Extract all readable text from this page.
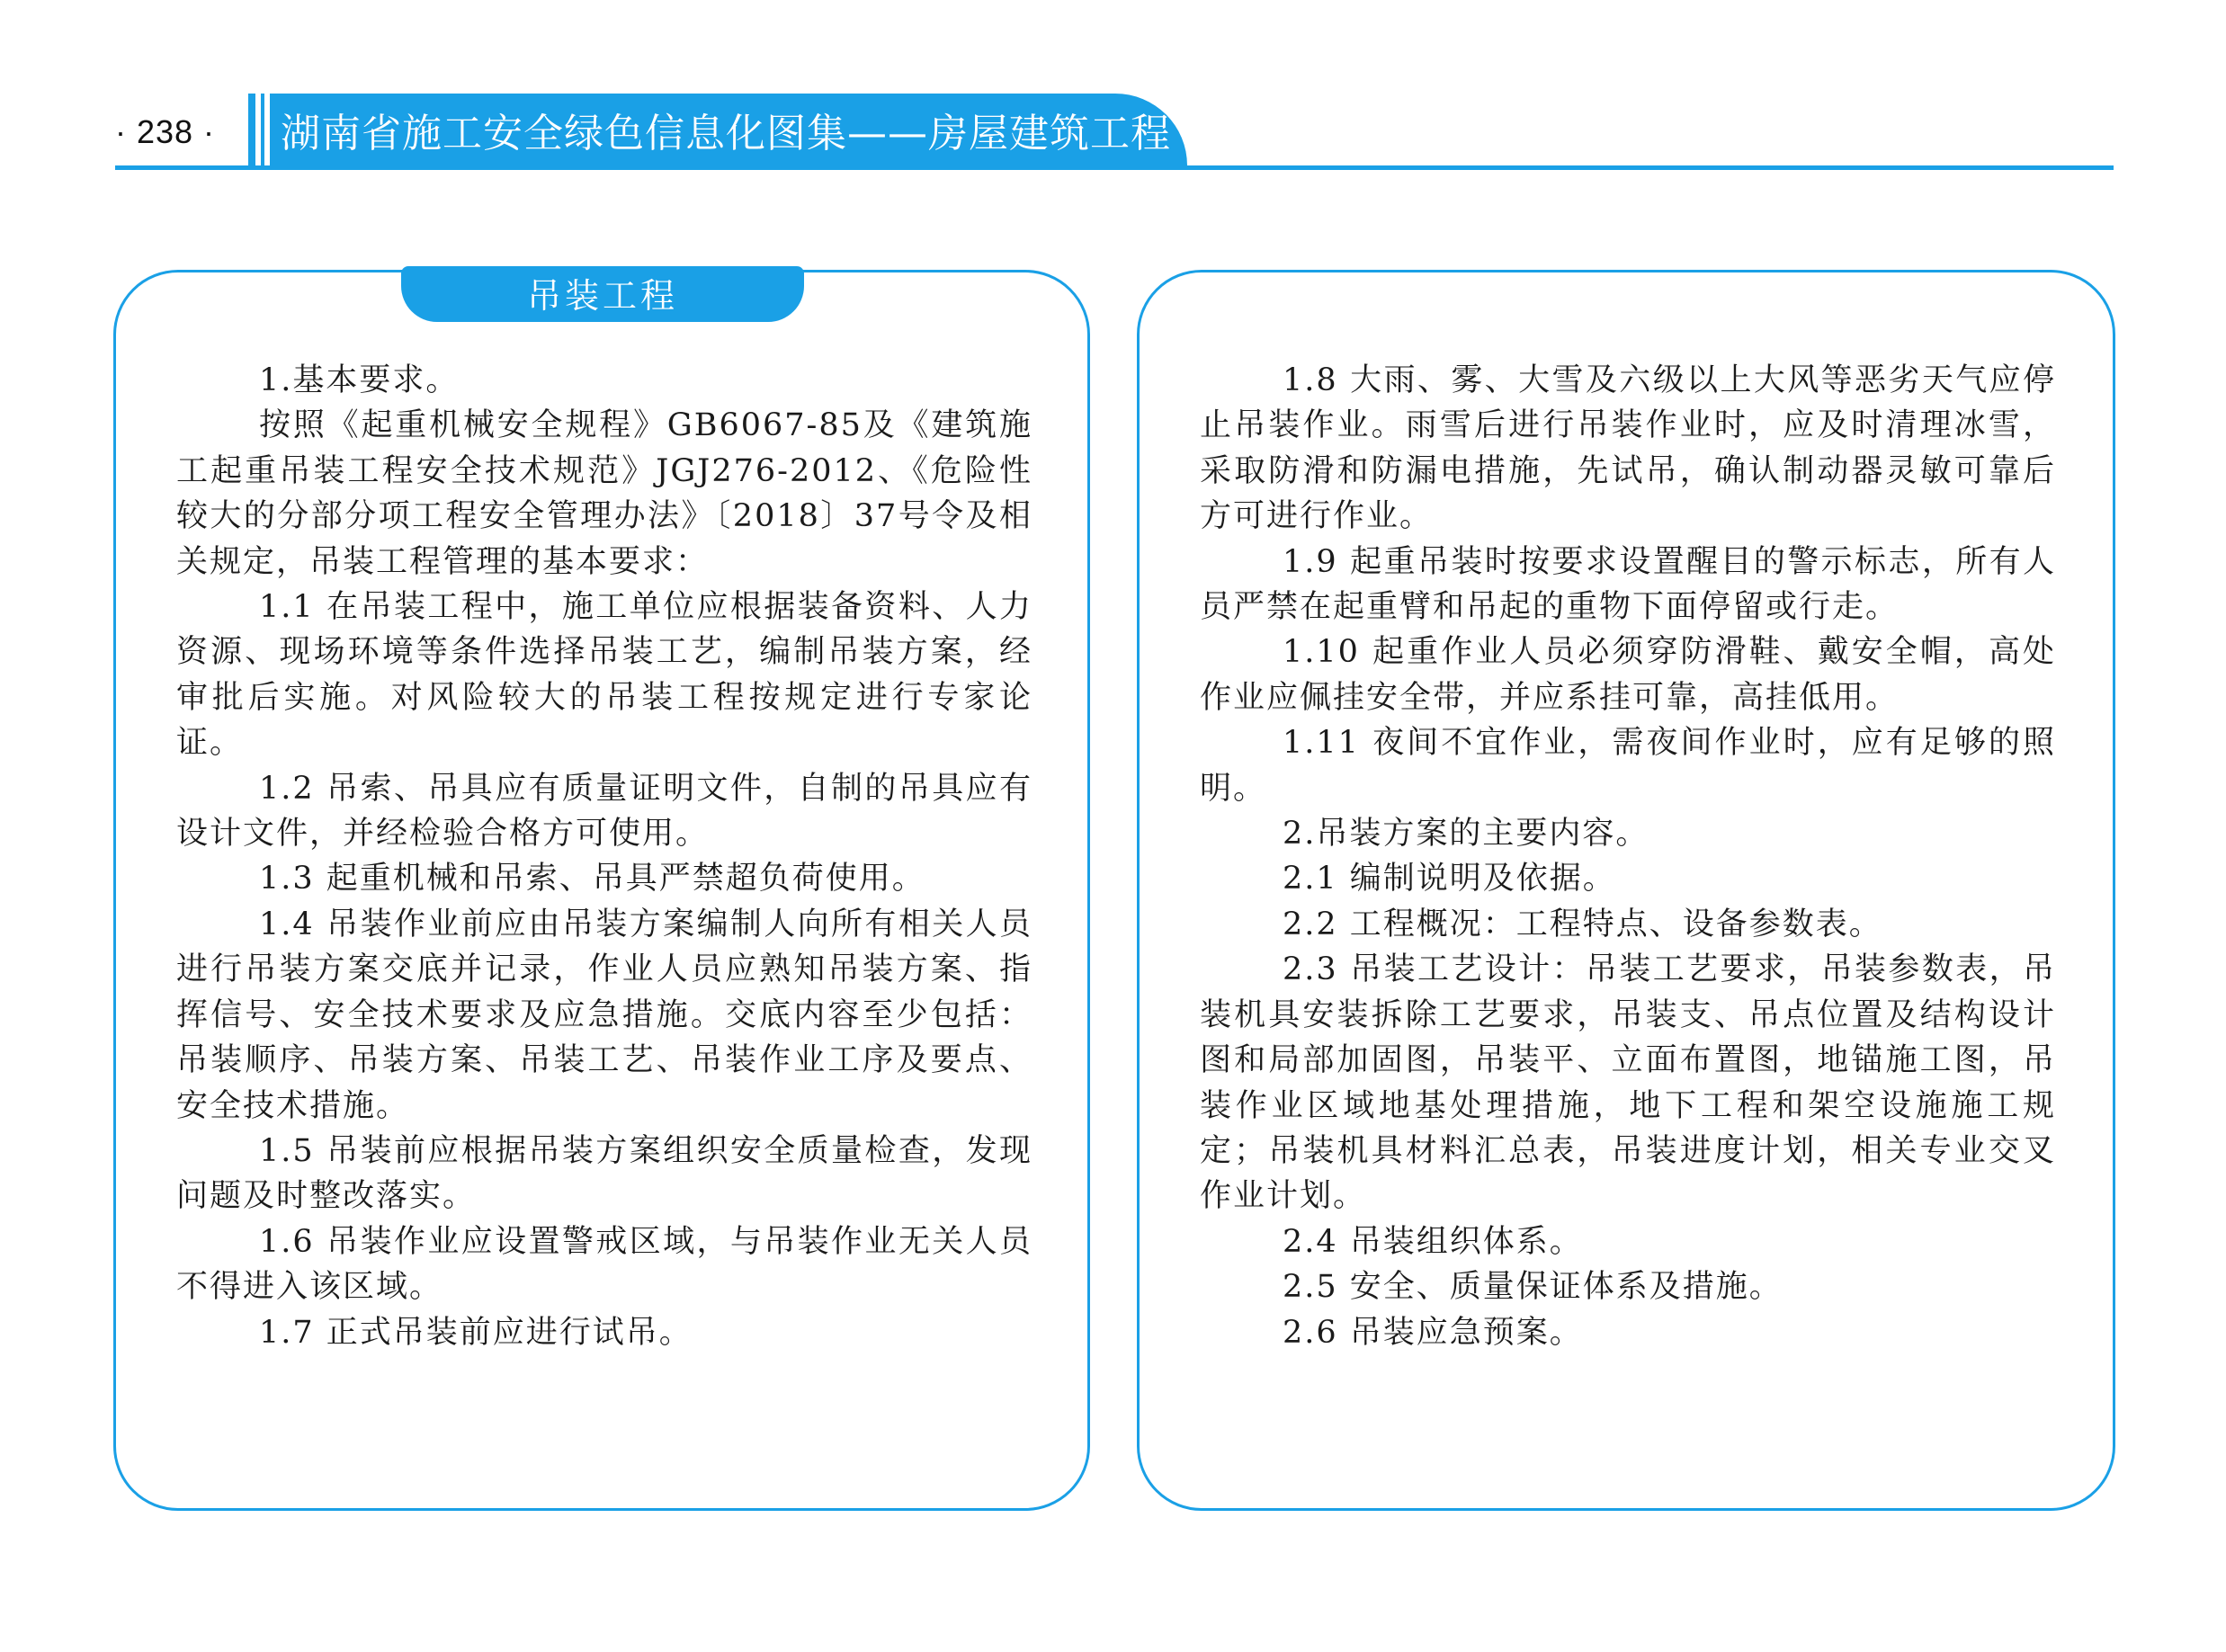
· 238 · 湖南省施工安全绿色信息化图集——房屋建筑工程
吊装工程

1.基本要求。

按照《起重机械安全规程》GB6067-85及《建筑施工起重吊装工程安全技术规范》JGJ276-2012、《危险性较大的分部分项工程安全管理办法》〔2018〕37号令及相关规定，吊装工程管理的基本要求：

1.1 在吊装工程中，施工单位应根据装备资料、人力资源、现场环境等条件选择吊装工艺，编制吊装方案，经审批后实施。对风险较大的吊装工程按规定进行专家论证。

1.2 吊索、吊具应有质量证明文件，自制的吊具应有设计文件，并经检验合格方可使用。

1.3 起重机械和吊索、吊具严禁超负荷使用。

1.4 吊装作业前应由吊装方案编制人向所有相关人员进行吊装方案交底并记录，作业人员应熟知吊装方案、指挥信号、安全技术要求及应急措施。交底内容至少包括：吊装顺序、吊装方案、吊装工艺、吊装作业工序及要点、安全技术措施。

1.5 吊装前应根据吊装方案组织安全质量检查，发现问题及时整改落实。

1.6 吊装作业应设置警戒区域，与吊装作业无关人员不得进入该区域。

1.7 正式吊装前应进行试吊。

1.8 大雨、雾、大雪及六级以上大风等恶劣天气应停止吊装作业。雨雪后进行吊装作业时，应及时清理冰雪，采取防滑和防漏电措施，先试吊，确认制动器灵敏可靠后方可进行作业。

1.9 起重吊装时按要求设置醒目的警示标志，所有人员严禁在起重臂和吊起的重物下面停留或行走。

1.10 起重作业人员必须穿防滑鞋、戴安全帽，高处作业应佩挂安全带，并应系挂可靠，高挂低用。

1.11 夜间不宜作业，需夜间作业时，应有足够的照明。

2.吊装方案的主要内容。

2.1 编制说明及依据。

2.2 工程概况：工程特点、设备参数表。

2.3 吊装工艺设计：吊装工艺要求，吊装参数表，吊装机具安装拆除工艺要求，吊装支、吊点位置及结构设计图和局部加固图，吊装平、立面布置图，地锚施工图，吊装作业区域地基处理措施，地下工程和架空设施施工规定；吊装机具材料汇总表，吊装进度计划，相关专业交叉作业计划。

2.4 吊装组织体系。

2.5 安全、质量保证体系及措施。

2.6 吊装应急预案。
